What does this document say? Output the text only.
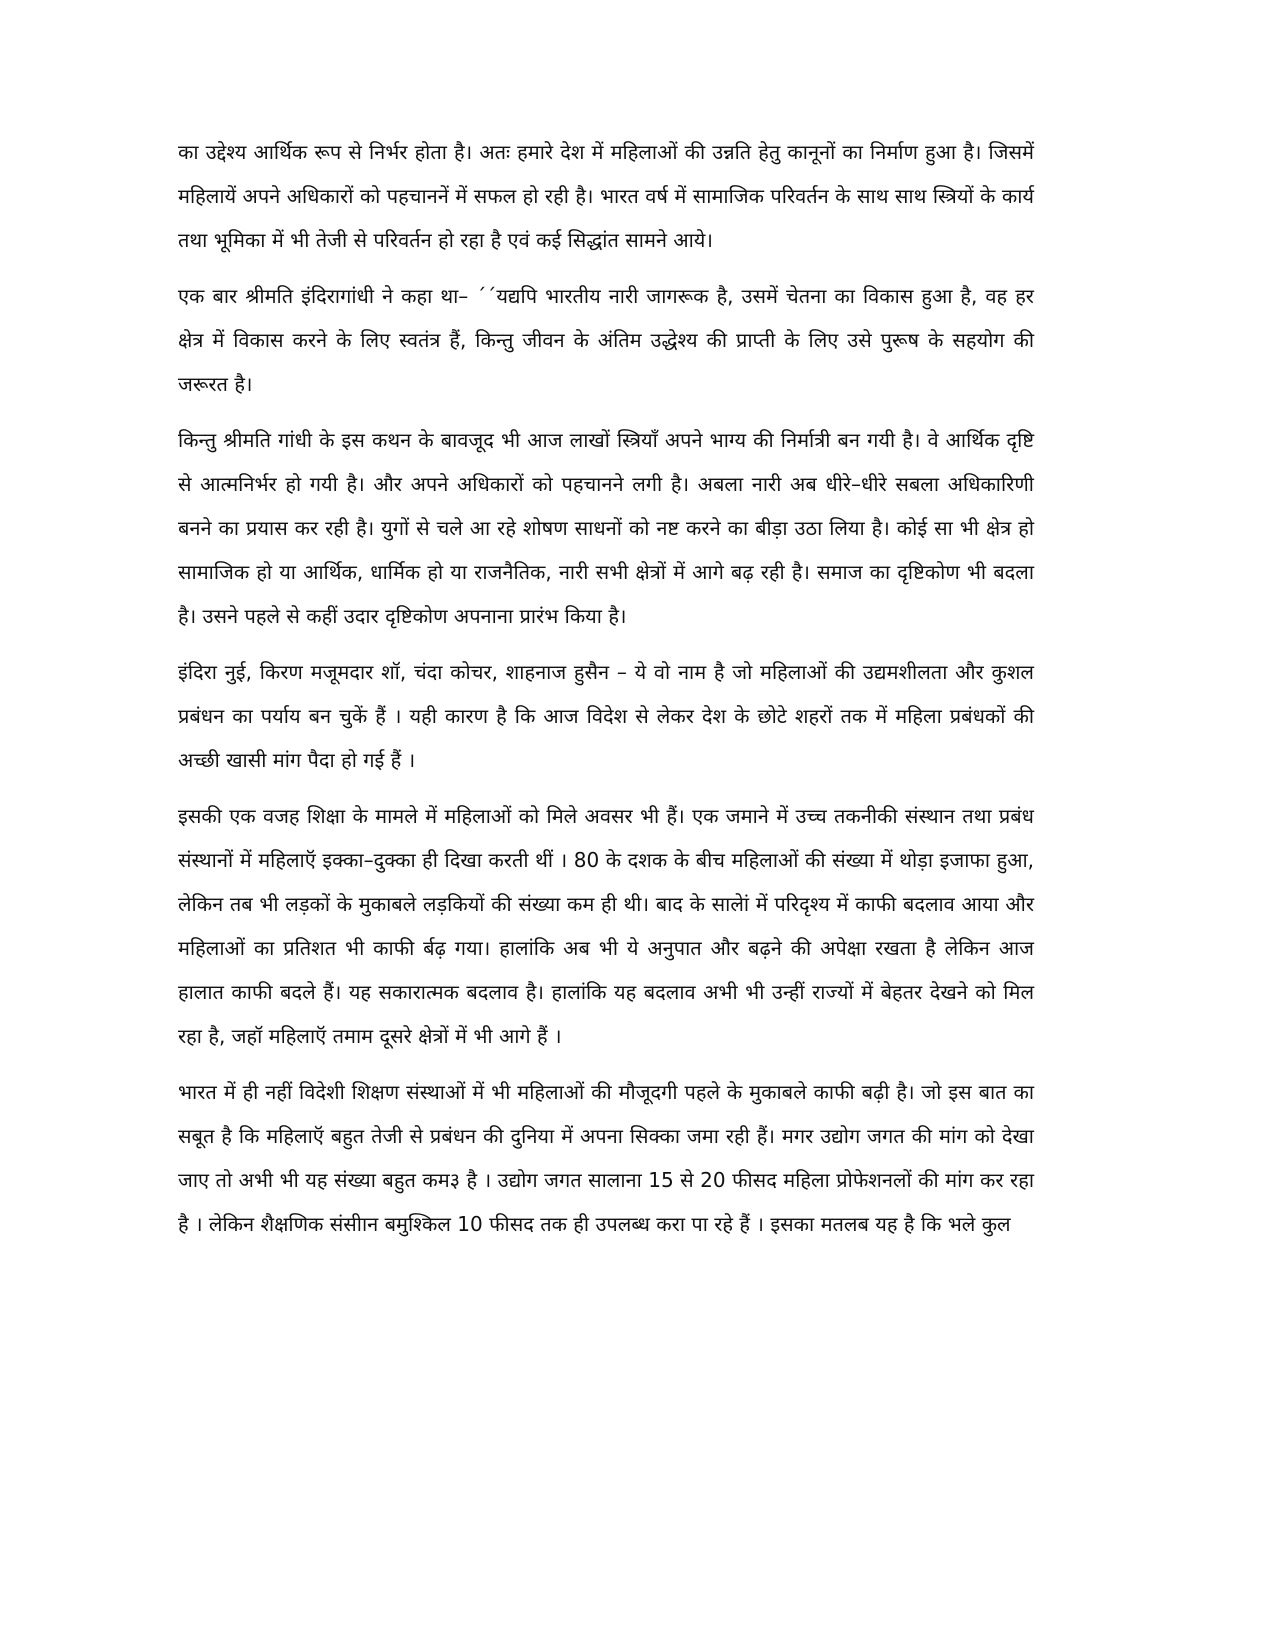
का उद्देश्य आर्थिक रूप से निर्भर होता है। अतः हमारे देश में महिलाओं की उन्नति हेतु कानूनों का निर्माण हुआ है। जिसमें महिलायें अपने अधिकारों को पहचाननें में सफल हो रही है। भारत वर्ष में सामाजिक परिवर्तन के साथ साथ स्त्रियों के कार्य तथा भूमिका में भी तेजी से परिवर्तन हो रहा है एवं कई सिद्धांत सामने आये।

एक बार श्रीमति इंदिरागांधी ने कहा था– ´´यद्यपि भारतीय नारी जागरूक है, उसमें चेतना का विकास हुआ है, वह हर क्षेत्र में विकास करने के लिए स्वतंत्र हैं, किन्तु जीवन के अंतिम उद्धेश्य की प्राप्ती के लिए उसे पुरूष के सहयोग की जरूरत है।

किन्तु श्रीमति गांधी के इस कथन के बावजूद भी आज लाखों स्त्रियाँ अपने भाग्य की निर्मात्री बन गयी है। वे आर्थिक दृष्टि से आत्मनिर्भर हो गयी है। और अपने अधिकारों को पहचानने लगी है। अबला नारी अब धीरे–धीरे सबला अधिकारिणी बनने का प्रयास कर रही है। युगों से चले आ रहे शोषण साधनों को नष्ट करने का बीड़ा उठा लिया है। कोई सा भी क्षेत्र हो सामाजिक हो या आर्थिक, धार्मिक हो या राजनैतिक, नारी सभी क्षेत्रों में आगे बढ़ रही है। समाज का दृष्टिकोण भी बदला है। उसने पहले से कहीं उदार दृष्टिकोण अपनाना प्रारंभ किया है।

इंदिरा नुई, किरण मजूमदार शॉ, चंदा कोचर, शाहनाज हुसैन – ये वो नाम है जो महिलाओं की उद्यमशीलता और कुशल प्रबंधन का पर्याय बन चुकें हैं । यही कारण है कि आज विदेश से लेकर देश के छोटे शहरों तक में महिला प्रबंधकों की अच्छी खासी मांग पैदा हो गई हैं ।

इसकी एक वजह शिक्षा के मामले में महिलाओं को मिले अवसर भी हैं। एक जमाने में उच्च तकनीकी संस्थान तथा प्रबंध संस्थानों में महिलाऍ इक्का–दुक्का ही दिखा करती थीं । 80 के दशक के बीच महिलाओं की संख्या में थोड़ा इजाफा हुआ, लेकिन तब भी लड़कों के मुकाबले लड़कियों की संख्या कम ही थी। बाद के सालेां में परिदृश्य में काफी बदलाव आया और महिलाओं का प्रतिशत भी काफी र्बढ़ गया। हालांकि अब भी ये अनुपात और बढ़ने की अपेक्षा रखता है लेकिन आज हालात काफी बदले हैं। यह सकारात्मक बदलाव है। हालांकि यह बदलाव अभी भी उन्हीं राज्यों में बेहतर देखने को मिल रहा है, जहॉ महिलाऍ तमाम दूसरे क्षेत्रों में भी आगे हैं ।

भारत में ही नहीं विदेशी शिक्षण संस्थाओं में भी महिलाओं की मौजूदगी पहले के मुकाबले काफी बढ़ी है। जो इस बात का सबूत है कि महिलाऍ बहुत तेजी से प्रबंधन की दुनिया में अपना सिक्का जमा रही हैं। मगर उद्योग जगत की मांग को देखा जाए तो अभी भी यह संख्या बहुत कम३ है । उद्योग जगत सालाना 15 से 20 फीसद महिला प्रोफेशनलों की मांग कर रहा है । लेकिन शैक्षणिक संसीान बमुश्किल 10 फीसद तक ही उपलब्ध करा पा रहे हैं । इसका मतलब यह है कि भले कुल
